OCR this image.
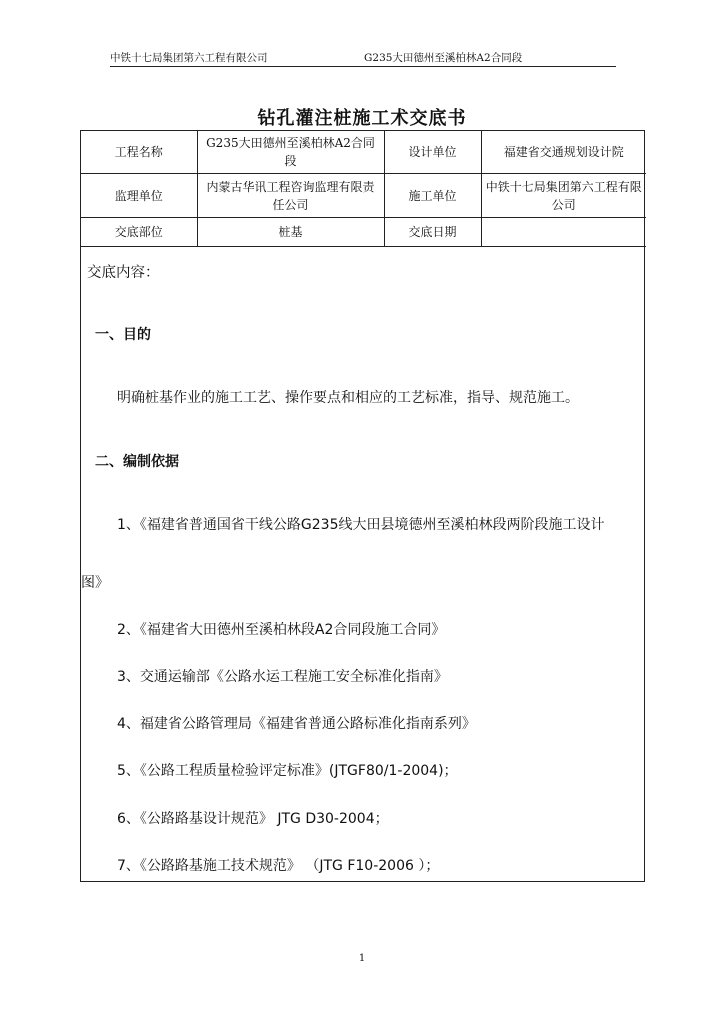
中铁十七局集团第六工程有限公司	G235大田德州至溪柏林A2合同段
钻孔灌注桩施工术交底书
工程名称	G235大田德州至溪柏林A2合同段	设计单位	福建省交通规划设计院
监理单位	内蒙古华讯工程咨询监理有限责任公司	施工单位	中铁十七局集团第六工程有限公司
交底部位	桩基	交底日期	
交底内容：
一、目的
明确桩基作业的施工工艺、操作要点和相应的工艺标准，指导、规范施工。
二、编制依据
1、《福建省普通国省干线公路G235线大田县境德州至溪柏林段两阶段施工设计
图》
2、《福建省大田德州至溪柏林段A2合同段施工合同》
3、交通运输部《公路水运工程施工安全标准化指南》
4、福建省公路管理局《福建省普通公路标准化指南系列》
5、《公路工程质量检验评定标准》(JTGF80/1-2004)；
6、《公路路基设计规范》 JTG D30-2004；
7、《公路路基施工技术规范》 （JTG F10-2006 ）；
1
